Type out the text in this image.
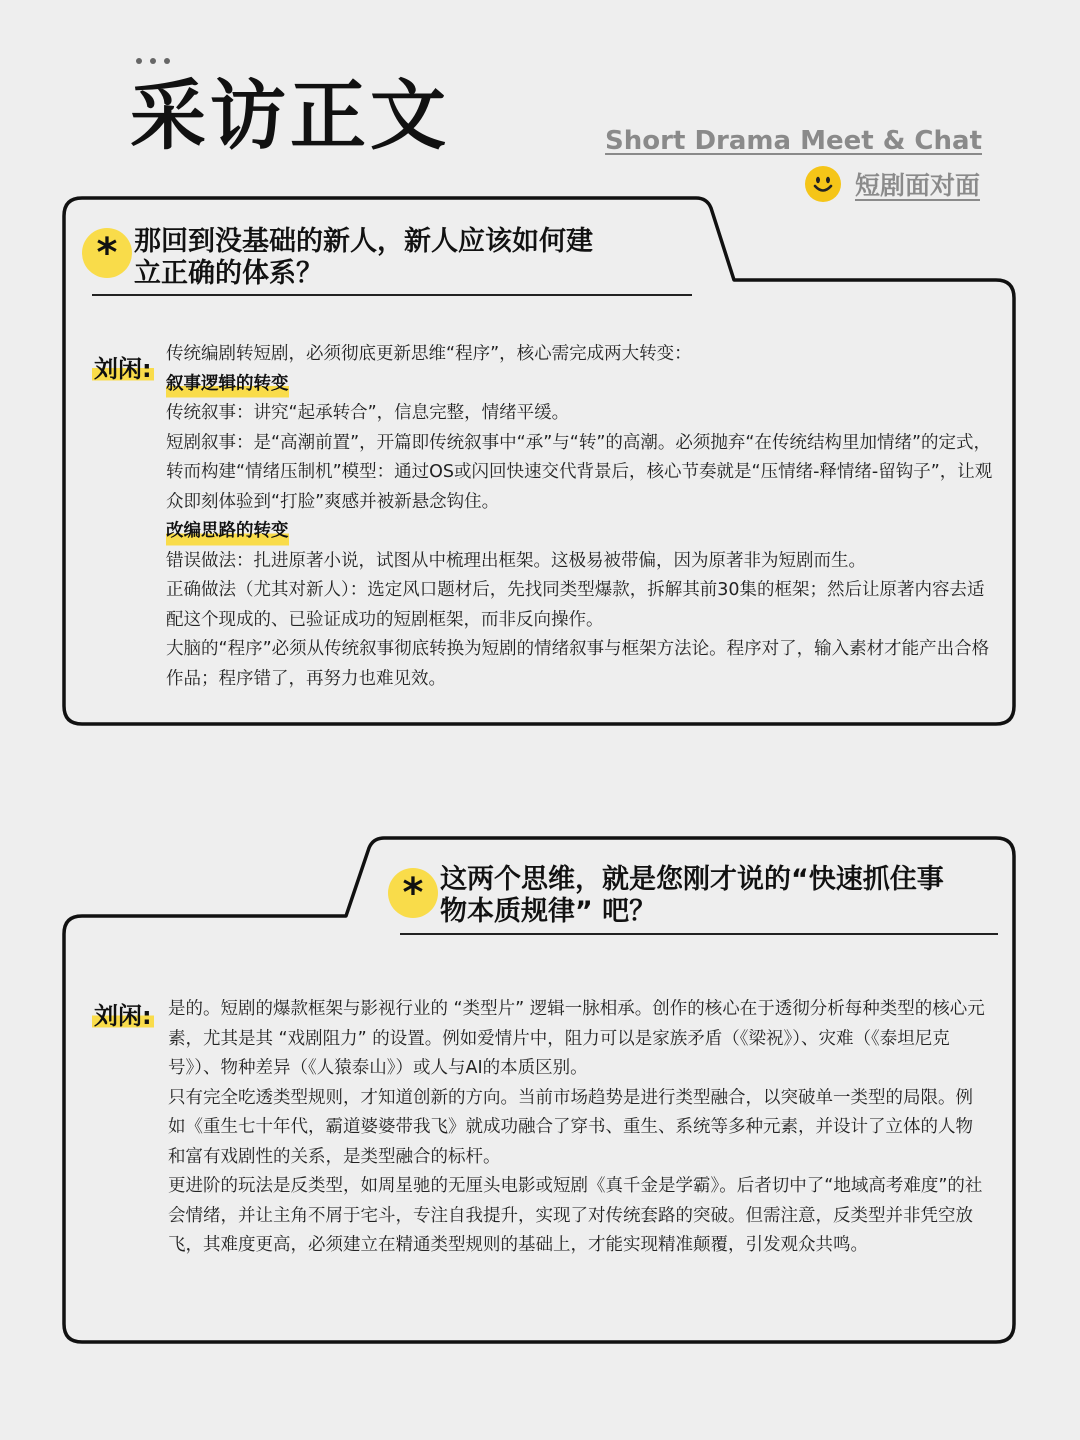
采访正文	Short Drama Meet & Chat
短剧面对面
* 那回到没基础的新人，新人应该如何建
立正确的体系？
刘闲:

传统编剧转短剧，必须彻底更新思维“程序”，核心需完成两大转变：

叙事逻辑的转变

传统叙事：讲究“起承转合”，信息完整，情绪平缓。

短剧叙事：是“高潮前置”，开篇即传统叙事中“承”与“转”的高潮。必须抛弃“在传统结构里加情绪”的定式，转而构建“情绪压制机”模型：通过OS或闪回快速交代背景后，核心节奏就是“压情绪-释情绪-留钩子”，让观众即刻体验到“打脸”爽感并被新悬念钩住。

改编思路的转变

错误做法：扎进原著小说，试图从中梳理出框架。这极易被带偏，因为原著非为短剧而生。

正确做法（尤其对新人）：选定风口题材后，先找同类型爆款，拆解其前30集的框架；然后让原著内容去适配这个现成的、已验证成功的短剧框架，而非反向操作。

大脑的“程序”必须从传统叙事彻底转换为短剧的情绪叙事与框架方法论。程序对了，输入素材才能产出合格作品；程序错了，再努力也难见效。

* 这两个思维，就是您刚才说的“快速抓住事
物本质规律” 吧？
刘闲: 是的。短剧的爆款框架与影视行业的 “类型片” 逻辑一脉相承。创作的核心在于透彻分析每种类型的核心元素，尤其是其 “戏剧阻力” 的设置。例如爱情片中，阻力可以是家族矛盾（《梁祝》）、灾难（《泰坦尼克号》）、物种差异（《人猿泰山》）或人与AI的本质区别。

只有完全吃透类型规则，才知道创新的方向。当前市场趋势是进行类型融合，以突破单一类型的局限。例如《重生七十年代，霸道婆婆带我飞》就成功融合了穿书、重生、系统等多种元素，并设计了立体的人物和富有戏剧性的关系，是类型融合的标杆。

更进阶的玩法是反类型，如周星驰的无厘头电影或短剧《真千金是学霸》。后者切中了“地域高考难度”的社会情绪，并让主角不屑于宅斗，专注自我提升，实现了对传统套路的突破。但需注意，反类型并非凭空放飞，其难度更高，必须建立在精通类型规则的基础上，才能实现精准颠覆，引发观众共鸣。
